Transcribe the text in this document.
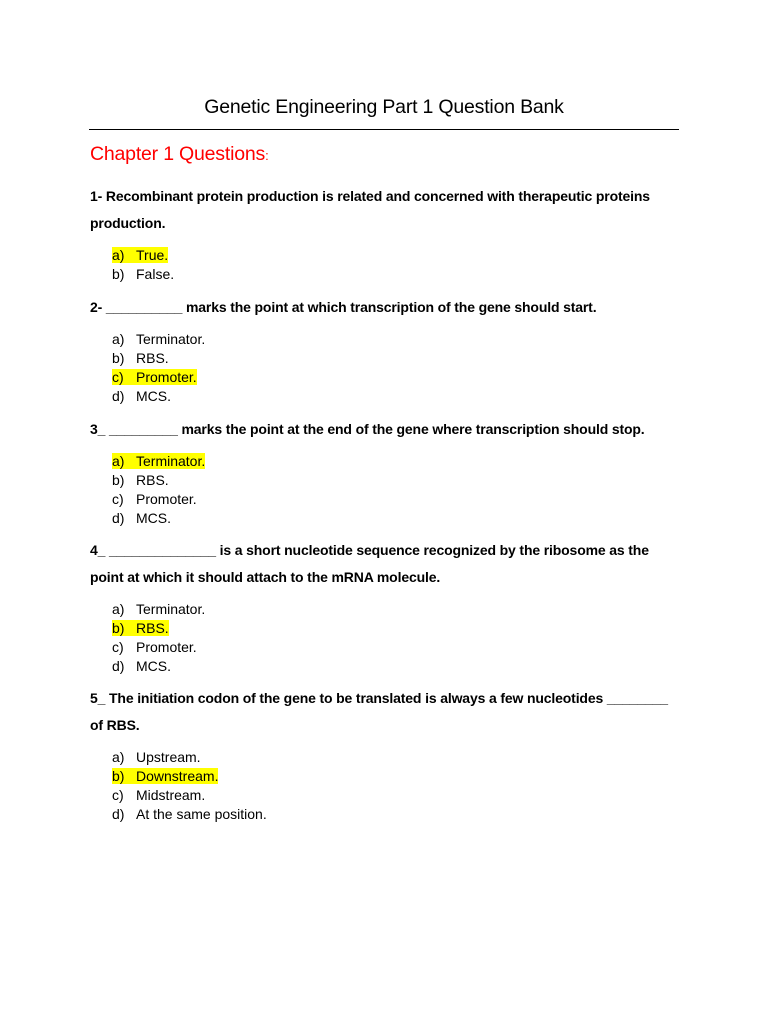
Genetic Engineering Part 1 Question Bank
Chapter 1 Questions:
1- Recombinant protein production is related and concerned with therapeutic proteins production.
a) True.
b) False.
2- __________ marks the point at which transcription of the gene should start.
a) Terminator.
b) RBS.
c) Promoter.
d) MCS.
3_ _________ marks the point at the end of the gene where transcription should stop.
a) Terminator.
b) RBS.
c) Promoter.
d) MCS.
4_ ______________ is a short nucleotide sequence recognized by the ribosome as the point at which it should attach to the mRNA molecule.
a) Terminator.
b) RBS.
c) Promoter.
d) MCS.
5_ The initiation codon of the gene to be translated is always a few nucleotides ________ of RBS.
a) Upstream.
b) Downstream.
c) Midstream.
d) At the same position.
